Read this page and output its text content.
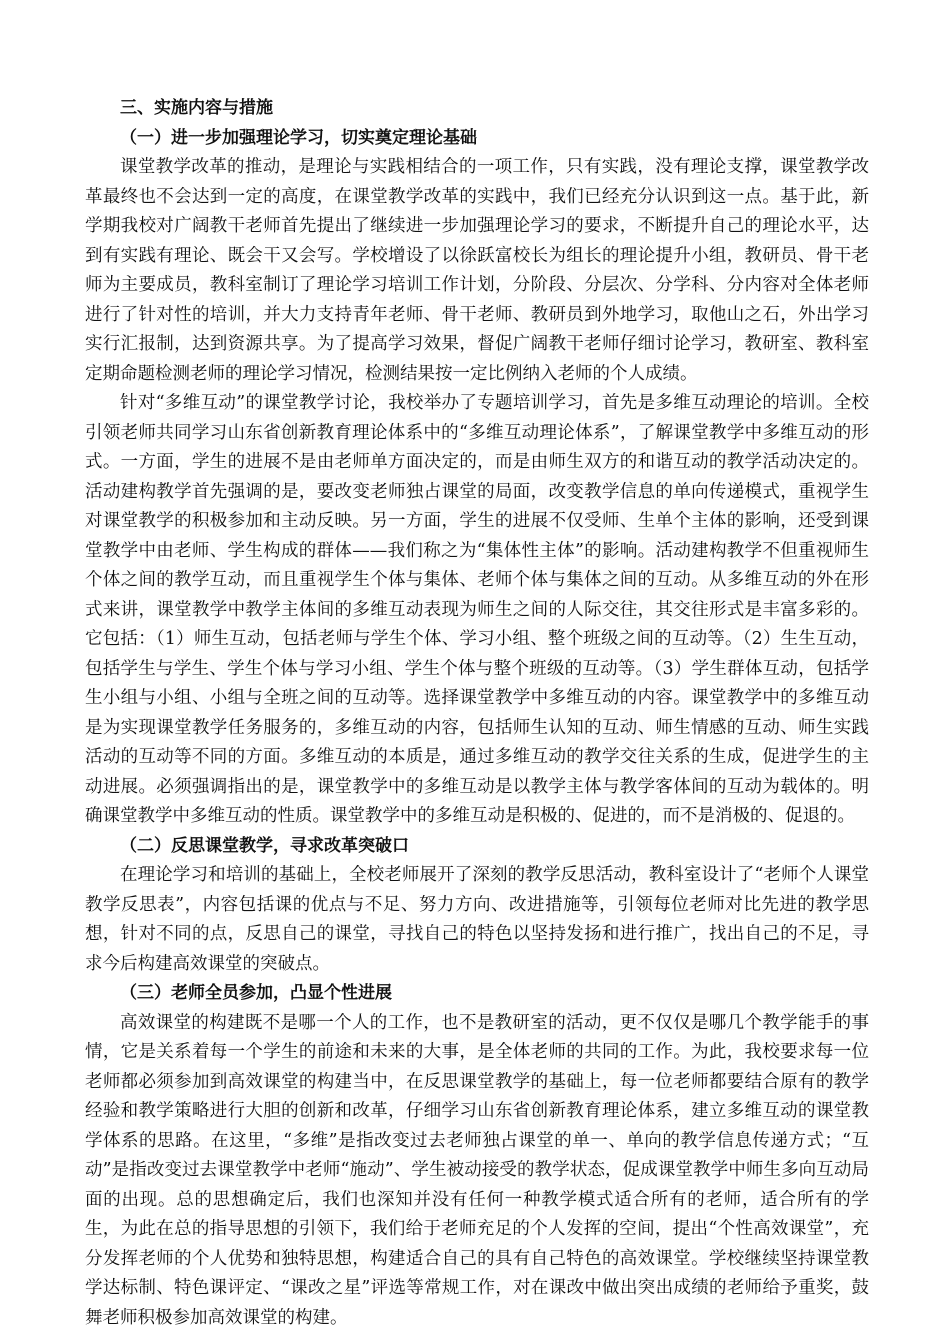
三、实施内容与措施

（一）进一步加强理论学习，切实奠定理论基础

课堂教学改革的推动，是理论与实践相结合的一项工作，只有实践，没有理论支撑，课堂教学改革最终也不会达到一定的高度，在课堂教学改革的实践中，我们已经充分认识到这一点。基于此，新学期我校对广阔教干老师首先提出了继续进一步加强理论学习的要求，不断提升自己的理论水平，达到有实践有理论、既会干又会写。学校增设了以徐跃富校长为组长的理论提升小组，教研员、骨干老师为主要成员，教科室制订了理论学习培训工作计划，分阶段、分层次、分学科、分内容对全体老师进行了针对性的培训，并大力支持青年老师、骨干老师、教研员到外地学习，取他山之石，外出学习实行汇报制，达到资源共享。为了提高学习效果，督促广阔教干老师仔细讨论学习，教研室、教科室定期命题检测老师的理论学习情况，检测结果按一定比例纳入老师的个人成绩。

针对“多维互动”的课堂教学讨论，我校举办了专题培训学习，首先是多维互动理论的培训。全校引领老师共同学习山东省创新教育理论体系中的“多维互动理论体系”，了解课堂教学中多维互动的形式。一方面，学生的进展不是由老师单方面决定的，而是由师生双方的和谐互动的教学活动决定的。活动建构教学首先强调的是，要改变老师独占课堂的局面，改变教学信息的单向传递模式，重视学生对课堂教学的积极参加和主动反映。另一方面，学生的进展不仅受师、生单个主体的影响，还受到课堂教学中由老师、学生构成的群体——我们称之为“集体性主体”的影响。活动建构教学不但重视师生个体之间的教学互动，而且重视学生个体与集体、老师个体与集体之间的互动。从多维互动的外在形式来讲，课堂教学中教学主体间的多维互动表现为师生之间的人际交往，其交往形式是丰富多彩的。它包括：（1）师生互动，包括老师与学生个体、学习小组、整个班级之间的互动等。（2）生生互动，包括学生与学生、学生个体与学习小组、学生个体与整个班级的互动等。（3）学生群体互动，包括学生小组与小组、小组与全班之间的互动等。选择课堂教学中多维互动的内容。课堂教学中的多维互动是为实现课堂教学任务服务的，多维互动的内容，包括师生认知的互动、师生情感的互动、师生实践活动的互动等不同的方面。多维互动的本质是，通过多维互动的教学交往关系的生成，促进学生的主动进展。必须强调指出的是，课堂教学中的多维互动是以教学主体与教学客体间的互动为载体的。明确课堂教学中多维互动的性质。课堂教学中的多维互动是积极的、促进的，而不是消极的、促退的。

（二）反思课堂教学，寻求改革突破口

在理论学习和培训的基础上，全校老师展开了深刻的教学反思活动，教科室设计了“老师个人课堂教学反思表”，内容包括课的优点与不足、努力方向、改进措施等，引领每位老师对比先进的教学思想，针对不同的点，反思自己的课堂，寻找自己的特色以坚持发扬和进行推广，找出自己的不足，寻求今后构建高效课堂的突破点。

（三）老师全员参加，凸显个性进展

高效课堂的构建既不是哪一个人的工作，也不是教研室的活动，更不仅仅是哪几个教学能手的事情，它是关系着每一个学生的前途和未来的大事，是全体老师的共同的工作。为此，我校要求每一位老师都必须参加到高效课堂的构建当中，在反思课堂教学的基础上，每一位老师都要结合原有的教学经验和教学策略进行大胆的创新和改革，仔细学习山东省创新教育理论体系，建立多维互动的课堂教学体系的思路。在这里，“多维”是指改变过去老师独占课堂的单一、单向的教学信息传递方式；“互动”是指改变过去课堂教学中老师“施动”、学生被动接受的教学状态，促成课堂教学中师生多向互动局面的出现。总的思想确定后，我们也深知并没有任何一种教学模式适合所有的老师，适合所有的学生，为此在总的指导思想的引领下，我们给于老师充足的个人发挥的空间，提出“个性高效课堂”，充分发挥老师的个人优势和独特思想，构建适合自己的具有自己特色的高效课堂。学校继续坚持课堂教学达标制、特色课评定、“课改之星”评选等常规工作，对在课改中做出突出成绩的老师给予重奖，鼓舞老师积极参加高效课堂的构建。
